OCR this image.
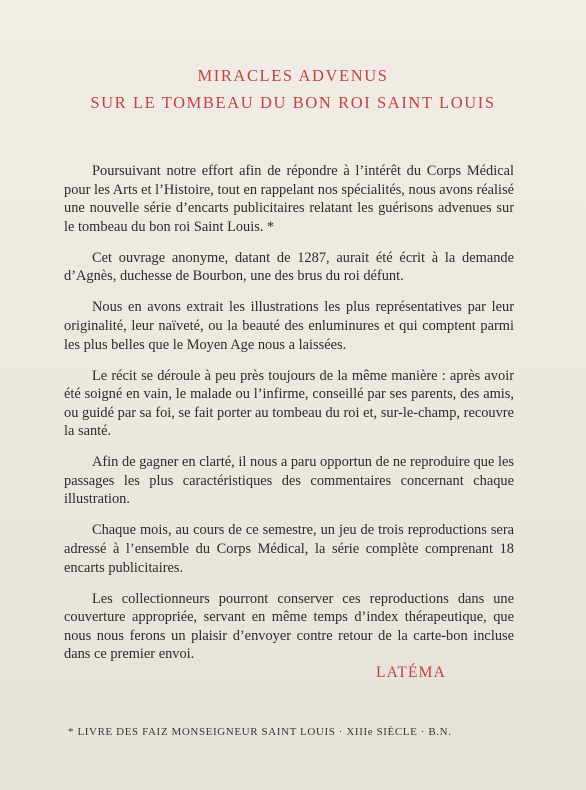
MIRACLES ADVENUS
SUR LE TOMBEAU DU BON ROI SAINT LOUIS

Poursuivant notre effort afin de répondre à l’intérêt du Corps Médical pour les Arts et l’Histoire, tout en rappelant nos spécialités, nous avons réalisé une nouvelle série d’encarts publicitaires relatant les guérisons advenues sur le tombeau du bon roi Saint Louis. *

Cet ouvrage anonyme, datant de 1287, aurait été écrit à la demande d’Agnès, duchesse de Bourbon, une des brus du roi défunt.

Nous en avons extrait les illustrations les plus représentatives par leur originalité, leur naïveté, ou la beauté des enluminures et qui comptent parmi les plus belles que le Moyen Age nous a laissées.

Le récit se déroule à peu près toujours de la même manière : après avoir été soigné en vain, le malade ou l’infirme, conseillé par ses parents, des amis, ou guidé par sa foi, se fait porter au tombeau du roi et, sur-le-champ, recouvre la santé.

Afin de gagner en clarté, il nous a paru opportun de ne reproduire que les passages les plus caractéristiques des commentaires concernant chaque illustration.

Chaque mois, au cours de ce semestre, un jeu de trois reproductions sera adressé à l’ensemble du Corps Médical, la série complète comprenant 18 encarts publicitaires.

Les collectionneurs pourront conserver ces reproductions dans une couverture appropriée, servant en même temps d’index thérapeutique, que nous nous ferons un plaisir d’envoyer contre retour de la carte-bon incluse dans ce premier envoi.

LATÉMA
* LIVRE DES FAIZ MONSEIGNEUR SAINT LOUIS · XIIIe SIÈCLE · B.N.
